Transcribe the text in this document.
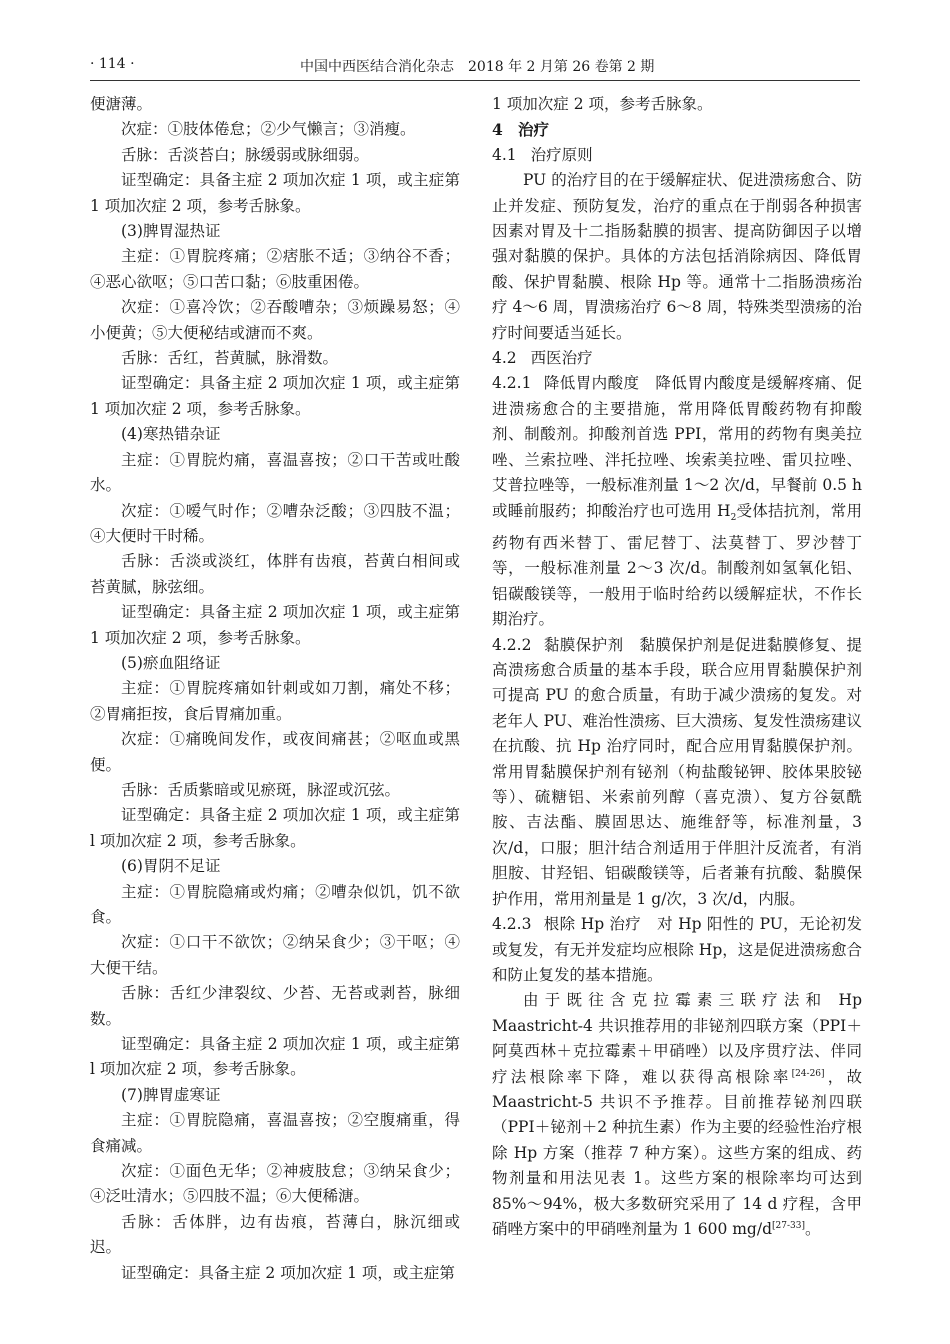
· 114 ·	中国中西医结合消化杂志　2018 年 2 月第 26 卷第 2 期

便溏薄。

次症：①肢体倦怠；②少气懒言；③消瘦。

舌脉：舌淡苔白；脉缓弱或脉细弱。

证型确定：具备主症 2 项加次症 1 项，或主症第 1 项加次症 2 项，参考舌脉象。

(3)脾胃湿热证

主症：①胃脘疼痛；②痞胀不适；③纳谷不香；④恶心欲呕；⑤口苦口黏；⑥肢重困倦。

次症：①喜冷饮；②吞酸嘈杂；③烦躁易怒；④小便黄；⑤大便秘结或溏而不爽。

舌脉：舌红，苔黄腻，脉滑数。

证型确定：具备主症 2 项加次症 1 项，或主症第 1 项加次症 2 项，参考舌脉象。

(4)寒热错杂证

主症：①胃脘灼痛，喜温喜按；②口干苦或吐酸水。

次症：①嗳气时作；②嘈杂泛酸；③四肢不温；④大便时干时稀。

舌脉：舌淡或淡红，体胖有齿痕，苔黄白相间或苔黄腻，脉弦细。

证型确定：具备主症 2 项加次症 1 项，或主症第 1 项加次症 2 项，参考舌脉象。

(5)瘀血阻络证

主症：①胃脘疼痛如针刺或如刀割，痛处不移；②胃痛拒按，食后胃痛加重。

次症：①痛晚间发作，或夜间痛甚；②呕血或黑便。

舌脉：舌质紫暗或见瘀斑，脉涩或沉弦。

证型确定：具备主症 2 项加次症 1 项，或主症第 l 项加次症 2 项，参考舌脉象。

(6)胃阴不足证

主症：①胃脘隐痛或灼痛；②嘈杂似饥，饥不欲食。

次症：①口干不欲饮；②纳呆食少；③干呕；④大便干结。

舌脉：舌红少津裂纹、少苔、无苔或剥苔，脉细数。

证型确定：具备主症 2 项加次症 1 项，或主症第 l 项加次症 2 项，参考舌脉象。

(7)脾胃虚寒证

主症：①胃脘隐痛，喜温喜按；②空腹痛重，得食痛减。

次症：①面色无华；②神疲肢怠；③纳呆食少；④泛吐清水；⑤四肢不温；⑥大便稀溏。

舌脉：舌体胖，边有齿痕，苔薄白，脉沉细或迟。

证型确定：具备主症 2 项加次症 1 项，或主症第

1 项加次症 2 项，参考舌脉象。

4 治疗

4.1 治疗原则

PU 的治疗目的在于缓解症状、促进溃疡愈合、防止并发症、预防复发，治疗的重点在于削弱各种损害因素对胃及十二指肠黏膜的损害、提高防御因子以增强对黏膜的保护。具体的方法包括消除病因、降低胃酸、保护胃黏膜、根除 Hp 等。通常十二指肠溃疡治疗 4～6 周，胃溃疡治疗 6～8 周，特殊类型溃疡的治疗时间要适当延长。

4.2 西医治疗

4.2.1 降低胃内酸度 降低胃内酸度是缓解疼痛、促进溃疡愈合的主要措施，常用降低胃酸药物有抑酸剂、制酸剂。抑酸剂首选 PPI，常用的药物有奥美拉唑、兰索拉唑、泮托拉唑、埃索美拉唑、雷贝拉唑、艾普拉唑等，一般标准剂量 1～2 次/d，早餐前 0.5 h 或睡前服药；抑酸治疗也可选用 $H_2$受体拮抗剂，常用药物有西米替丁、雷尼替丁、法莫替丁、罗沙替丁等，一般标准剂量 2～3 次/d。制酸剂如氢氧化铝、铝碳酸镁等，一般用于临时给药以缓解症状，不作长期治疗。

4.2.2 黏膜保护剂 黏膜保护剂是促进黏膜修复、提高溃疡愈合质量的基本手段，联合应用胃黏膜保护剂可提高 PU 的愈合质量，有助于减少溃疡的复发。对老年人 PU、难治性溃疡、巨大溃疡、复发性溃疡建议在抗酸、抗 Hp 治疗同时，配合应用胃黏膜保护剂。常用胃黏膜保护剂有铋剂（枸盐酸铋钾、胶体果胶铋等）、硫糖铝、米索前列醇（喜克溃）、复方谷氨酰胺、吉法酯、膜固思达、施维舒等，标准剂量，3 次/d，口服；胆汁结合剂适用于伴胆汁反流者，有消胆胺、甘羟铝、铝碳酸镁等，后者兼有抗酸、黏膜保护作用，常用剂量是 1 g/次，3 次/d，内服。

4.2.3 根除 Hp 治疗 对 Hp 阳性的 PU，无论初发或复发，有无并发症均应根除 Hp，这是促进溃疡愈合和防止复发的基本措施。

由于既往含克拉霉素三联疗法和 Hp Maastricht-4 共识推荐用的非铋剂四联方案（PPI＋阿莫西林＋克拉霉素＋甲硝唑）以及序贯疗法、伴同疗法根除率下降，难以获得高根除率[24-26]，故 Maastricht-5 共识不予推荐。目前推荐铋剂四联（PPI＋铋剂＋2 种抗生素）作为主要的经验性治疗根除 Hp 方案（推荐 7 种方案）。这些方案的组成、药物剂量和用法见表 1。这些方案的根除率均可达到 85%～94%，极大多数研究采用了 14 d 疗程，含甲硝唑方案中的甲硝唑剂量为 1 600 mg/d[27-33]。
